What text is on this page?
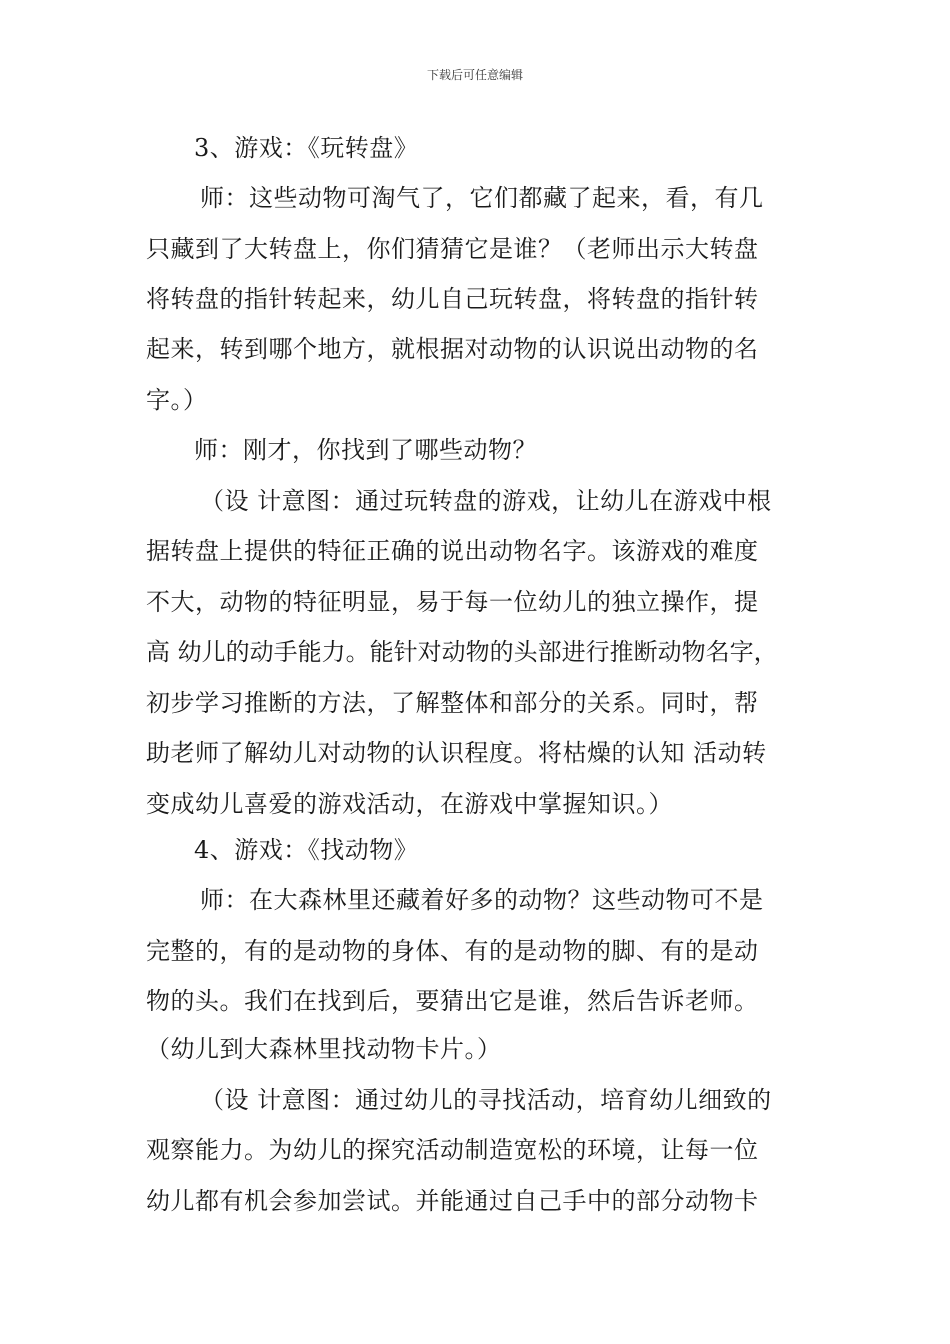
下载后可任意编辑
3、游戏：《玩转盘》
师：这些动物可淘气了，它们都藏了起来，看，有几
只藏到了大转盘上，你们猜猜它是谁？（老师出示大转盘
将转盘的指针转起来，幼儿自己玩转盘，将转盘的指针转
起来，转到哪个地方，就根据对动物的认识说出动物的名
字。）
师：刚才，你找到了哪些动物？
（设 计意图：通过玩转盘的游戏，让幼儿在游戏中根
据转盘上提供的特征正确的说出动物名字。该游戏的难度
不大，动物的特征明显，易于每一位幼儿的独立操作，提
高 幼儿的动手能力。能针对动物的头部进行推断动物名字，
初步学习推断的方法，了解整体和部分的关系。同时，帮
助老师了解幼儿对动物的认识程度。将枯燥的认知 活动转
变成幼儿喜爱的游戏活动，在游戏中掌握知识。）
4、游戏：《找动物》
师：在大森林里还藏着好多的动物？这些动物可不是
完整的，有的是动物的身体、有的是动物的脚、有的是动
物的头。我们在找到后，要猜出它是谁，然后告诉老师。
（幼儿到大森林里找动物卡片。）
（设 计意图：通过幼儿的寻找活动，培育幼儿细致的
观察能力。为幼儿的探究活动制造宽松的环境，让每一位
幼儿都有机会参加尝试。并能通过自己手中的部分动物卡
